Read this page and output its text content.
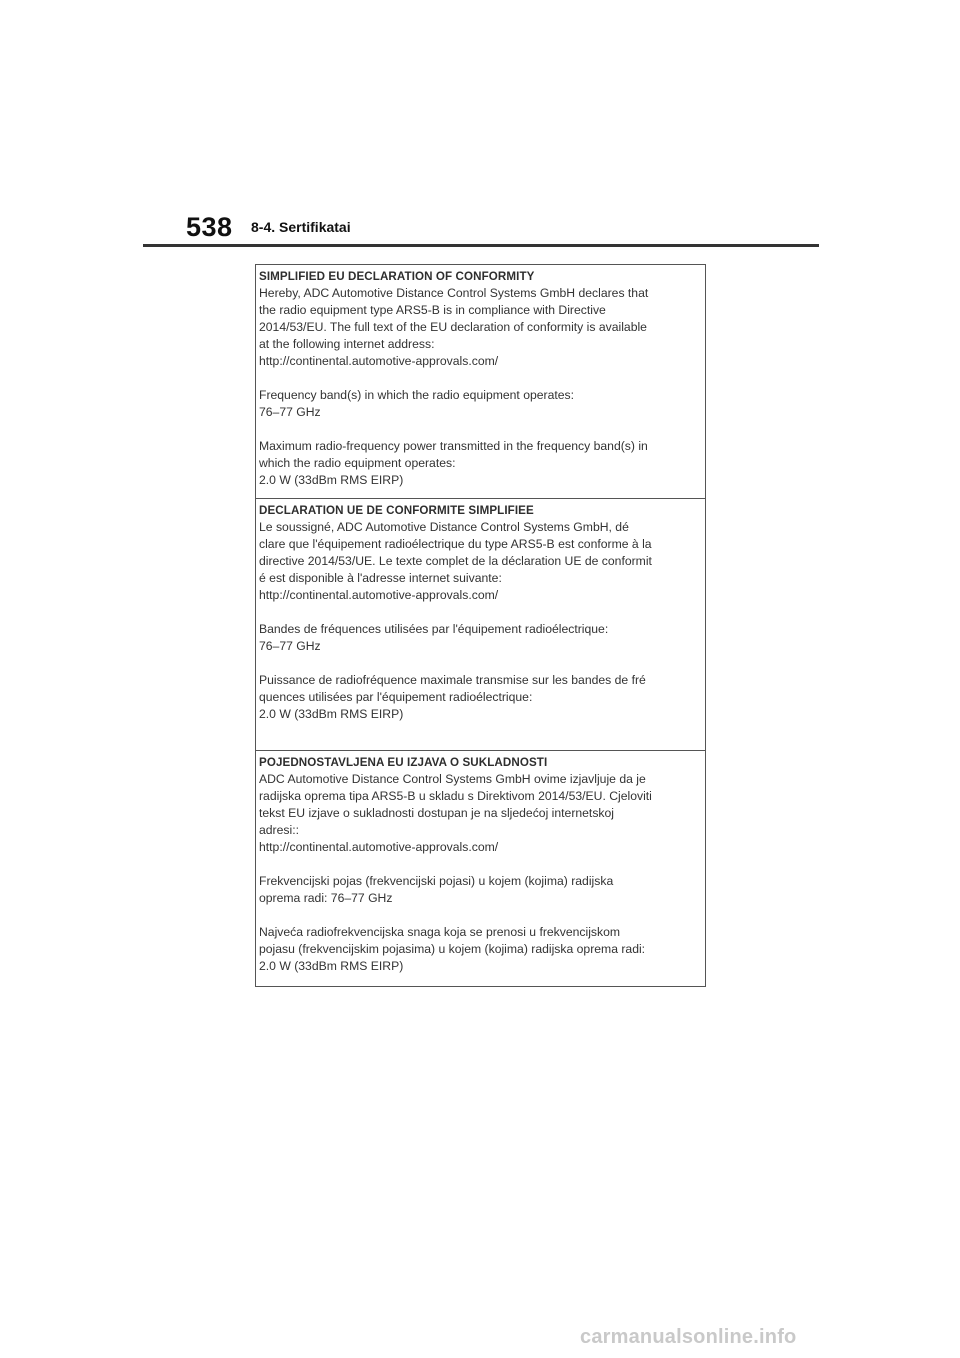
538 8-4. Sertifikatai
SIMPLIFIED EU DECLARATION OF CONFORMITY

Hereby, ADC Automotive Distance Control Systems GmbH declares that
the radio equipment type ARS5-B is in compliance with Directive
2014/53/EU. The full text of the EU declaration of conformity is available
at the following internet address:
http://continental.automotive-approvals.com/

Frequency band(s) in which the radio equipment operates:
76–77 GHz

Maximum radio-frequency power transmitted in the frequency band(s) in
which the radio equipment operates:
2.0 W (33dBm RMS EIRP)

DECLARATION UE DE CONFORMITE SIMPLIFIEE

Le soussigné, ADC Automotive Distance Control Systems GmbH, dé
clare que l'équipement radioélectrique du type ARS5-B est conforme à la
directive 2014/53/UE. Le texte complet de la déclaration UE de conformit
é est disponible à l'adresse internet suivante:
http://continental.automotive-approvals.com/

Bandes de fréquences utilisées par l'équipement radioélectrique:
76–77 GHz

Puissance de radiofréquence maximale transmise sur les bandes de fré
quences utilisées par l'équipement radioélectrique:
2.0 W (33dBm RMS EIRP)

POJEDNOSTAVLJENA EU IZJAVA O SUKLADNOSTI

ADC Automotive Distance Control Systems GmbH ovime izjavljuje da je
radijska oprema tipa ARS5-B u skladu s Direktivom 2014/53/EU. Cjeloviti
tekst EU izjave o sukladnosti dostupan je na sljedećoj internetskoj
adresi::
http://continental.automotive-approvals.com/

Frekvencijski pojas (frekvencijski pojasi) u kojem (kojima) radijska
oprema radi: 76–77 GHz

Najveća radiofrekvencijska snaga koja se prenosi u frekvencijskom
pojasu (frekvencijskim pojasima) u kojem (kojima) radijska oprema radi:
2.0 W (33dBm RMS EIRP)

carmanualsonline.info
